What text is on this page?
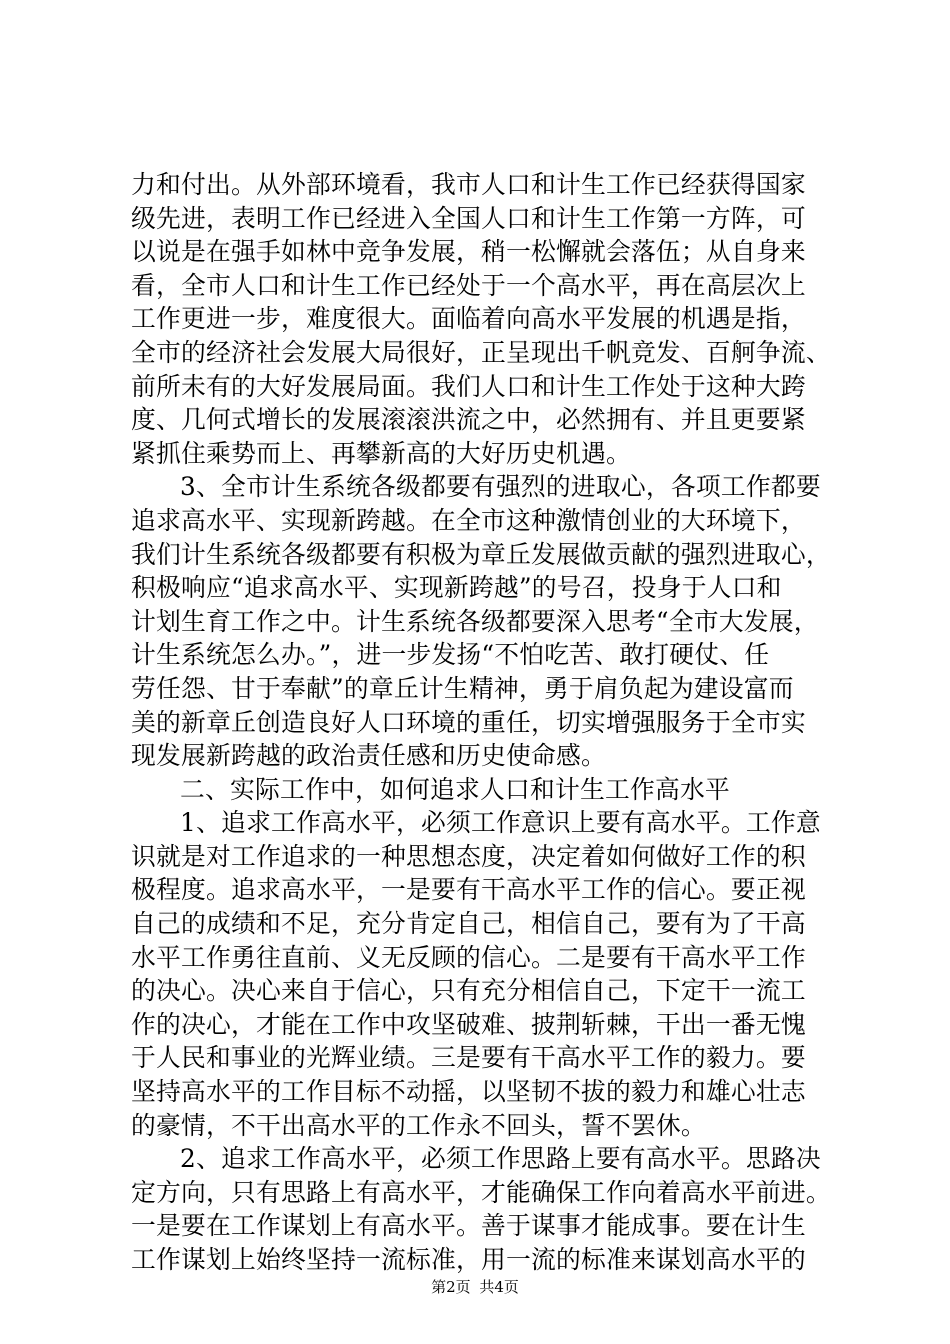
力和付出。从外部环境看，我市人口和计生工作已经获得国家
级先进，表明工作已经进入全国人口和计生工作第一方阵，可
以说是在强手如林中竞争发展，稍一松懈就会落伍；从自身来
看，全市人口和计生工作已经处于一个高水平，再在高层次上
工作更进一步，难度很大。面临着向高水平发展的机遇是指，
全市的经济社会发展大局很好，正呈现出千帆竞发、百舸争流、
前所未有的大好发展局面。我们人口和计生工作处于这种大跨
度、几何式增长的发展滚滚洪流之中，必然拥有、并且更要紧
紧抓住乘势而上、再攀新高的大好历史机遇。
3、全市计生系统各级都要有强烈的进取心，各项工作都要
追求高水平、实现新跨越。在全市这种激情创业的大环境下，
我们计生系统各级都要有积极为章丘发展做贡献的强烈进取心，
积极响应“追求高水平、实现新跨越”的号召，投身于人口和
计划生育工作之中。计生系统各级都要深入思考“全市大发展，
计生系统怎么办。”，进一步发扬“不怕吃苦、敢打硬仗、任
劳任怨、甘于奉献”的章丘计生精神，勇于肩负起为建设富而
美的新章丘创造良好人口环境的重任，切实增强服务于全市实
现发展新跨越的政治责任感和历史使命感。
二、实际工作中，如何追求人口和计生工作高水平
1、追求工作高水平，必须工作意识上要有高水平。工作意
识就是对工作追求的一种思想态度，决定着如何做好工作的积
极程度。追求高水平，一是要有干高水平工作的信心。要正视
自己的成绩和不足，充分肯定自己，相信自己，要有为了干高
水平工作勇往直前、义无反顾的信心。二是要有干高水平工作
的决心。决心来自于信心，只有充分相信自己，下定干一流工
作的决心，才能在工作中攻坚破难、披荆斩棘，干出一番无愧
于人民和事业的光辉业绩。三是要有干高水平工作的毅力。要
坚持高水平的工作目标不动摇，以坚韧不拔的毅力和雄心壮志
的豪情，不干出高水平的工作永不回头，誓不罢休。
2、追求工作高水平，必须工作思路上要有高水平。思路决
定方向，只有思路上有高水平，才能确保工作向着高水平前进。
一是要在工作谋划上有高水平。善于谋事才能成事。要在计生
工作谋划上始终坚持一流标准，用一流的标准来谋划高水平的
第2页 共4页
